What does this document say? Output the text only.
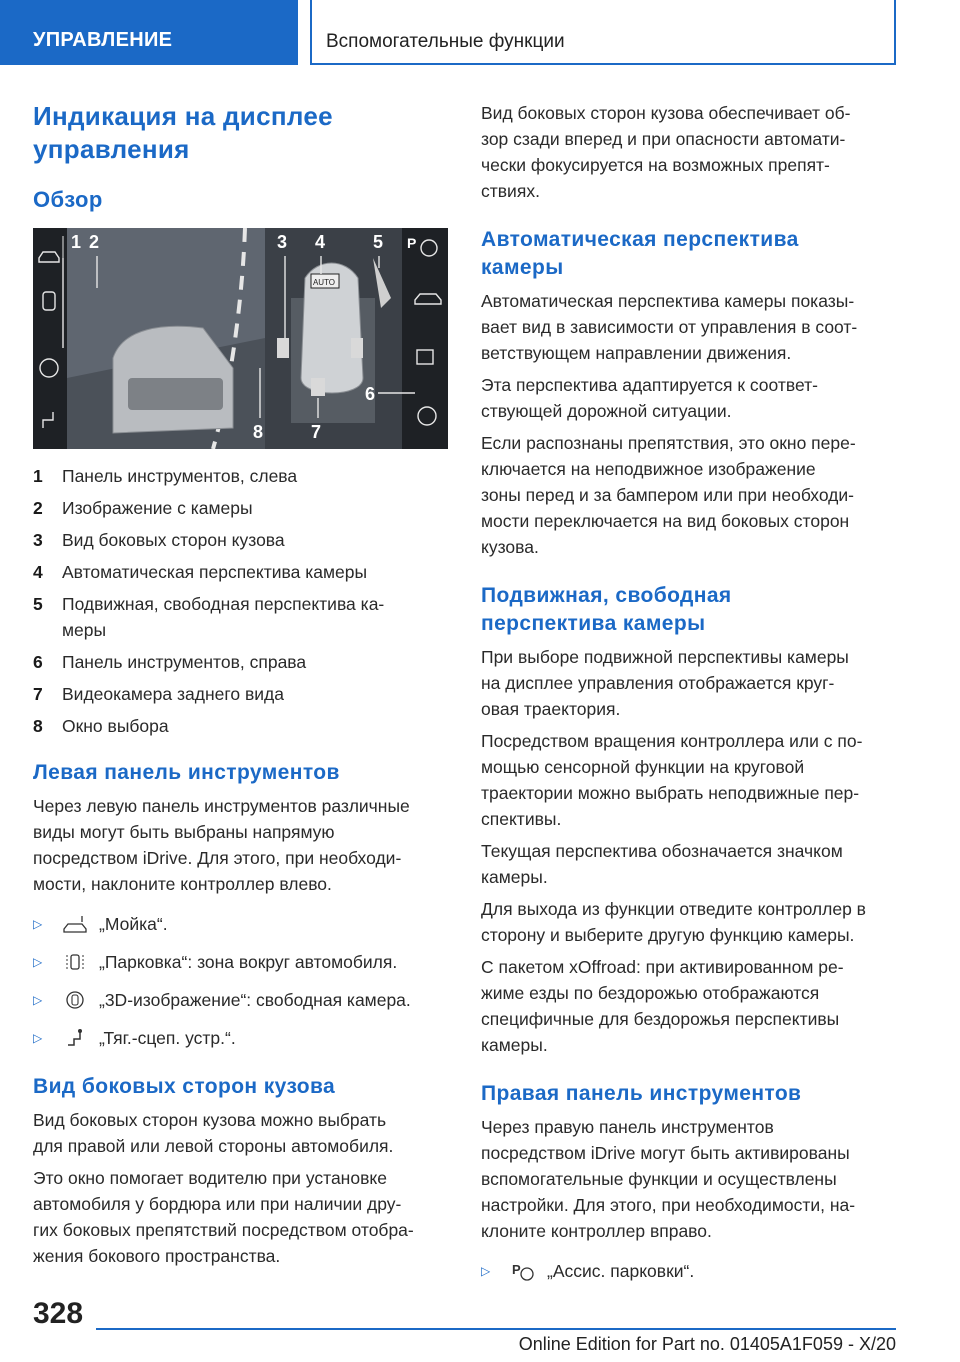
УПРАВЛЕНИЕ	Вспомогательные функции
Индикация на дисплее
управления
Обзор
AUTO
P
1 2	3 4	5
6
7
8
1	Панель инструментов, слева
2	Изображение с камеры
3	Вид боковых сторон кузова
4	Автоматическая перспектива камеры
5	Подвижная, свободная перспектива ка-
меры
6	Панель инструментов, справа
7	Видеокамера заднего вида
8	Окно выбора
Левая панель инструментов

Через левую панель инструментов различные
виды могут быть выбраны напрямую
посредством iDrive. Для этого, при необходи-
мости, наклоните контроллер влево.

▷	„Мойка“.
▷	„Парковка“: зона вокруг автомобиля.
▷	„3D-изображение“: свободная камера.
▷	„Тяг.-сцеп. устр.“.
Вид боковых сторон кузова

Вид боковых сторон кузова можно выбрать
для правой или левой стороны автомобиля.

Это окно помогает водителю при установке
автомобиля у бордюра или при наличии дру-
гих боковых препятствий посредством отобра-
жения бокового пространства.

Вид боковых сторон кузова обеспечивает об-
зор сзади вперед и при опасности автомати-
чески фокусируется на возможных препят-
ствиях.

Автоматическая перспектива
камеры

Автоматическая перспектива камеры показы-
вает вид в зависимости от управления в соот-
ветствующем направлении движения.

Эта перспектива адаптируется к соответ-
ствующей дорожной ситуации.

Если распознаны препятствия, это окно пере-
ключается на неподвижное изображение
зоны перед и за бампером или при необходи-
мости переключается на вид боковых сторон
кузова.

Подвижная, свободная
перспектива камеры

При выборе подвижной перспективы камеры
на дисплее управления отображается круг-
овая траектория.

Посредством вращения контроллера или с по-
мощью сенсорной функции на круговой
траектории можно выбрать неподвижные пер-
спективы.

Текущая перспектива обозначается значком
камеры.

Для выхода из функции отведите контроллер в
сторону и выберите другую функцию камеры.

С пакетом xOffroad: при активированном ре-
жиме езды по бездорожью отображаются
специфичные для бездорожья перспективы
камеры.

Правая панель инструментов

Через правую панель инструментов
посредством iDrive могут быть активированы
вспомогательные функции и осуществлены
настройки. Для этого, при необходимости, на-
клоните контроллер вправо.

▷	P „Ассис. парковки“.
328
Online Edition for Part no. 01405A1F059 - X/20
